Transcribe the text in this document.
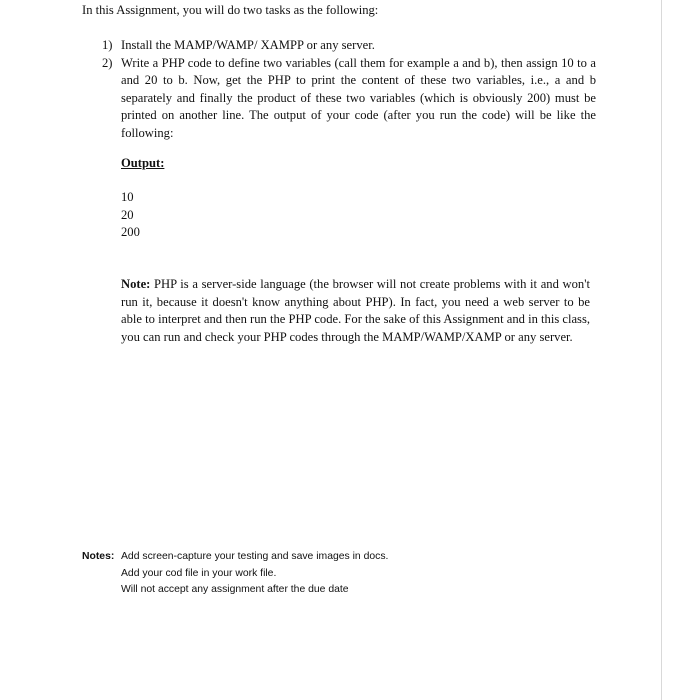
In this Assignment, you will do two tasks as the following:

1) Install the MAMP/WAMP/ XAMPP or any server.
2) Write a PHP code to define two variables (call them for example a and b), then assign 10 to a and 20 to b. Now, get the PHP to print the content of these two variables, i.e., a and b separately and finally the product of these two variables (which is obviously 200) must be printed on another line. The output of your code (after you run the code) will be like the following:

Output:

10
20
200

Note: PHP is a server-side language (the browser will not create problems with it and won't run it, because it doesn't know anything about PHP). In fact, you need a web server to be able to interpret and then run the PHP code. For the sake of this Assignment and in this class, you can run and check your PHP codes through the MAMP/WAMP/XAMP or any server.

Notes: Add screen-capture your testing and save images in docs.
Add your cod file in your work file.
Will not accept any assignment after the due date
